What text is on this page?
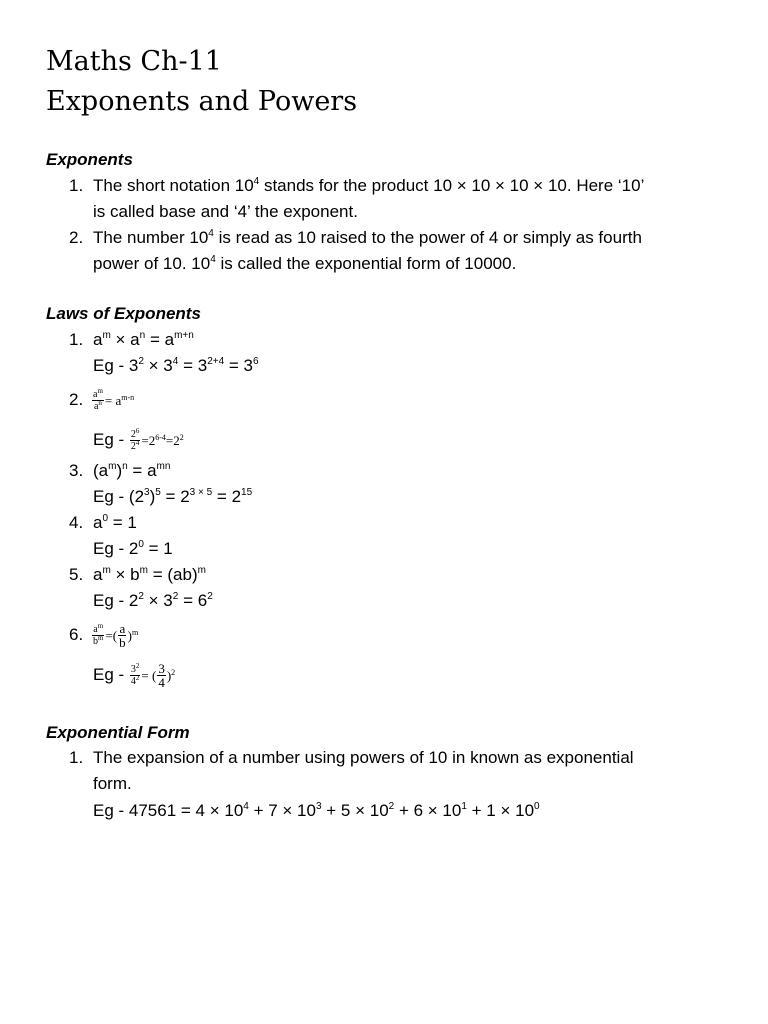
Maths Ch-11
Exponents and Powers
Exponents
1. The short notation $10^4$ stands for the product 10 × 10 × 10 × 10. Here ‘10’
is called base and ‘4’ the exponent.
2. The number $10^4$ is read as 10 raised to the power of 4 or simply as fourth
power of 10. $10^4$ is called the exponential form of 10000.
Laws of Exponents
1. $a^m \times a^n = a^{m+n}$
$Eg - 3^2 \times 3^4 = 3^{2+4} = 3^6$
2. $\frac{a^m}{a^n} = a^{m-n}$
$Eg - \frac{2^6}{2^4} =2^{6-4}=2^2$
3. $(a^m)^n = a^{mn}$
$Eg - (2^3)^5 = 2^{3 \times 5} = 2^{15}$
4. $a^0 = 1$
$Eg - 2^0 = 1$
5. $a^m \times b^m = (ab)^m$
$Eg - 2^2 \times 3^2 = 6^2$
6. $\frac{a^m}{b^m}$ =( $\frac{a}{b} )^m$
Eg - $\frac{3^2}{4^2}$ = ( $\frac{3}{4} )^2$
Exponential Form
1. The expansion of a number using powers of 10 in known as exponential
form.
$Eg - 47561 = 4 \times 10^4 + 7 \times 10^3 + 5 \times 10^2 + 6 \times 10^1 + 1 \times 10^0$
